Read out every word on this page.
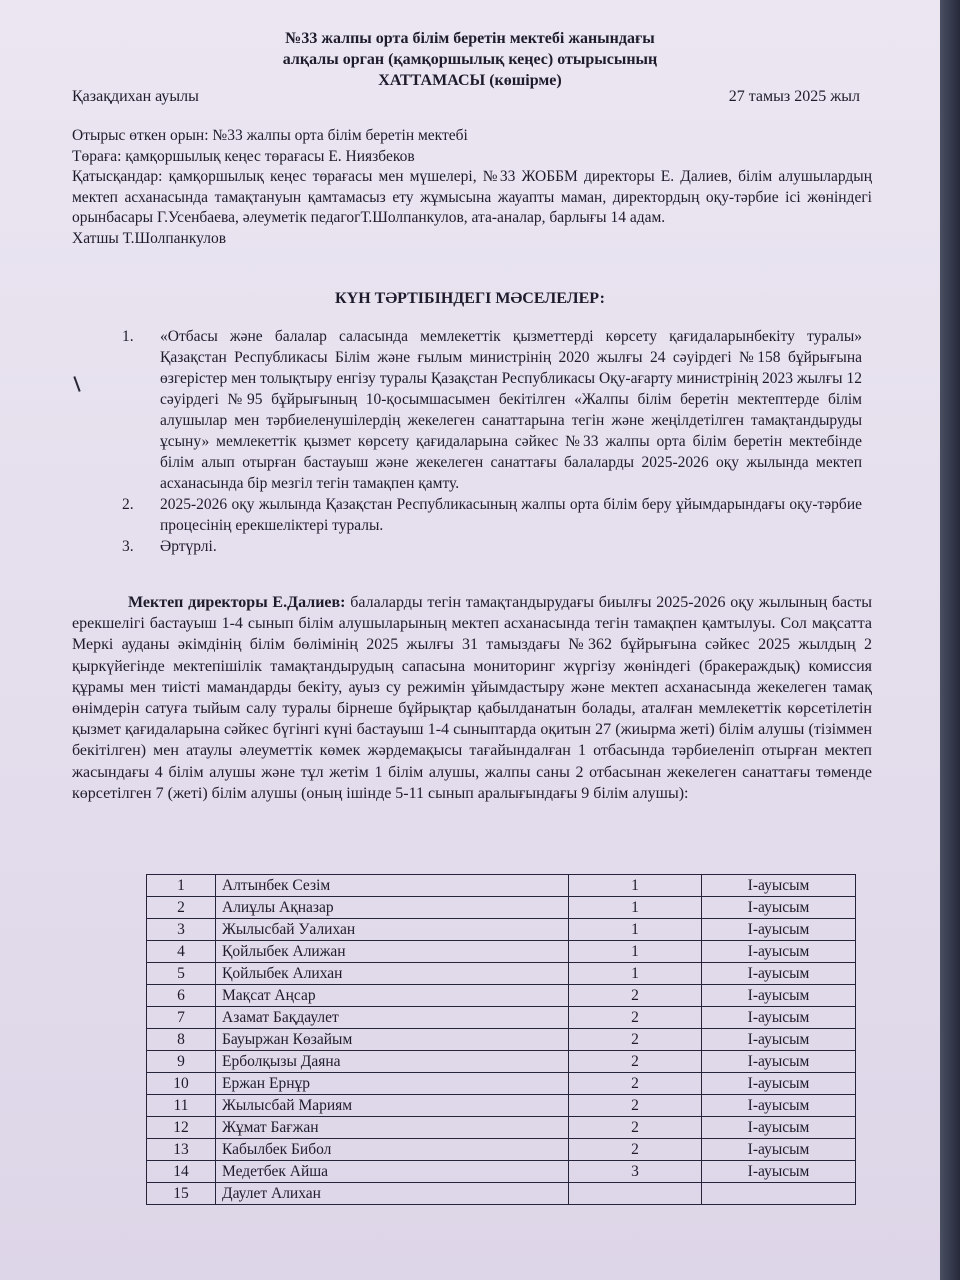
№33 жалпы орта білім беретін мектебі жанындағы
алқалы орган (қамқоршылық кеңес) отырысының
ХАТТАМАСЫ (көшірме)
Қазақдихан ауылы	27 тамыз 2025 жыл

Отырыс өткен орын: №33 жалпы орта білім беретін мектебі

Төраға: қамқоршылық кеңес төрағасы Е. Ниязбеков

Қатысқандар: қамқоршылық кеңес төрағасы мен мүшелері, №33 ЖОББМ директоры Е. Далиев, білім алушылардың мектеп асханасында тамақтануын қамтамасыз ету жұмысына жауапты маман, директордың оқу-тәрбие ісі жөніндегі орынбасары Г.Усенбаева, әлеуметік педагогТ.Шолпанкулов, ата-аналар, барлығы 14 адам.

Хатшы Т.Шолпанкулов

КҮН ТӘРТІБІНДЕГІ МӘСЕЛЕЛЕР:
1. «Отбасы және балалар саласында мемлекеттік қызметтерді көрсету қағидаларынбекіту туралы» Қазақстан Республикасы Білім және ғылым министрінің 2020 жылғы 24 сәуірдегі №158 бұйрығына өзгерістер мен толықтыру енгізу туралы Қазақстан Республикасы Оқу-ағарту министрінің 2023 жылғы 12 сәуірдегі №95 бұйрығының 10-қосымшасымен бекітілген «Жалпы білім беретін мектептерде білім алушылар мен тәрбиеленушілердің жекелеген санаттарына тегін және жеңілдетілген тамақтандыруды ұсыну» мемлекеттік қызмет көрсету қағидаларына сәйкес №33 жалпы орта білім беретін мектебінде білім алып отырған бастауыш және жекелеген санаттағы балаларды 2025-2026 оқу жылында мектеп асханасында бір мезгіл тегін тамақпен қамту.
2. 2025-2026 оқу жылында Қазақстан Республикасының жалпы орта білім беру ұйымдарындағы оқу-тәрбие процесінің ерекшеліктері туралы.
3. Әртүрлі.

Мектеп директоры Е.Далиев: балаларды тегін тамақтандырудағы биылғы 2025-2026 оқу жылының басты ерекшелігі бастауыш 1-4 сынып білім алушыларының мектеп асханасында тегін тамақпен қамтылуы. Сол мақсатта Меркі ауданы әкімдінің білім бөлімінің 2025 жылғы 31 тамыздағы №362 бұйрығына сәйкес 2025 жылдың 2 қыркүйегінде мектепішілік тамақтандырудың сапасына мониторинг жүргізу жөніндегі (бракераждық) комиссия құрамы мен тиісті мамандарды бекіту, ауыз су режимін ұйымдастыру және мектеп асханасында жекелеген тамақ өнімдерін сатуға тыйым салу туралы бірнеше бұйрықтар қабылданатын болады, аталған мемлекеттік көрсетілетін қызмет қағидаларына сәйкес бүгінгі күні бастауыш 1-4 сыныптарда оқитын 27 (жиырма жеті) білім алушы (тізіммен бекітілген) мен атаулы әлеуметтік көмек жәрдемақысы тағайындалған 1 отбасында тәрбиеленіп отырған мектеп жасындағы 4 білім алушы және тұл жетім 1 білім алушы, жалпы саны 2 отбасынан жекелеген санаттағы төменде көрсетілген 7 (жеті) білім алушы (оның ішінде 5-11 сынып аралығындағы 9 білім алушы):

1	Алтынбек Сезім	1	І-ауысым
2	Алиұлы Ақназар	1	І-ауысым
3	Жылысбай Уалихан	1	І-ауысым
4	Қойлыбек Алижан	1	І-ауысым
5	Қойлыбек Алихан	1	І-ауысым
6	Мақсат Аңсар	2	І-ауысым
7	Азамат Бақдаулет	2	І-ауысым
8	Бауыржан Көзайым	2	І-ауысым
9	Ерболқызы Даяна	2	І-ауысым
10	Ержан Ернұр	2	І-ауысым
11	Жылысбай Мариям	2	І-ауысым
12	Жұмат Бағжан	2	І-ауысым
13	Кабылбек Бибол	2	І-ауысым
14	Медетбек Айша	3	І-ауысым
15	Даулет Алихан		
